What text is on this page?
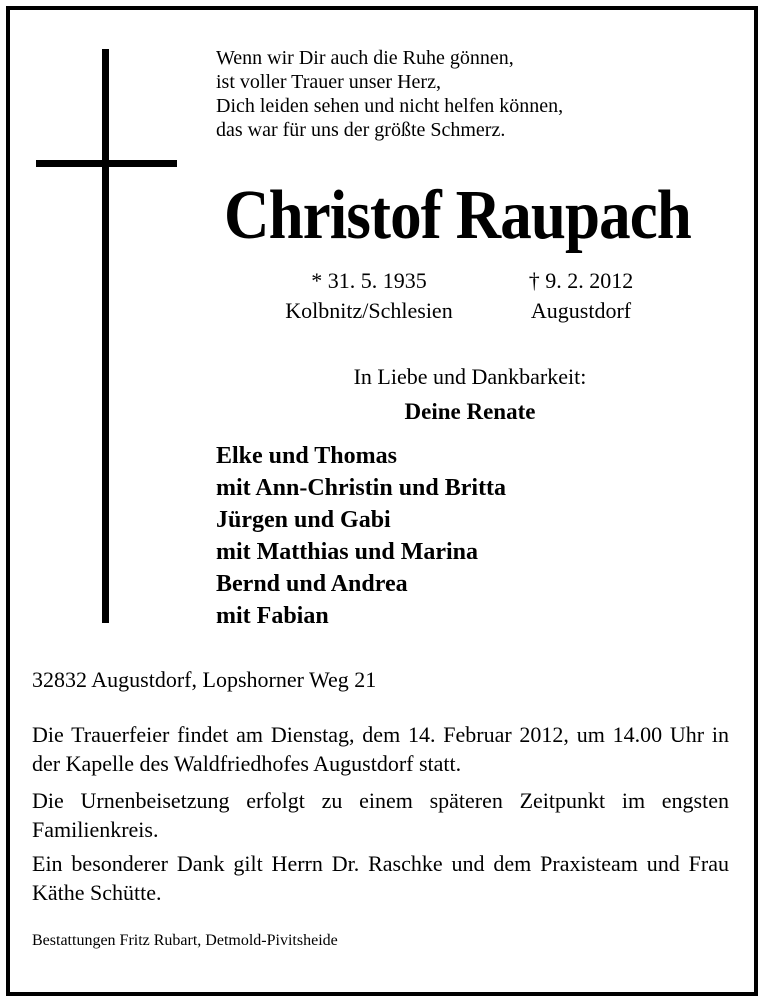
Wenn wir Dir auch die Ruhe gönnen,
ist voller Trauer unser Herz,
Dich leiden sehen und nicht helfen können,
das war für uns der größte Schmerz.
Christof Raupach
* 31. 5. 1935
Kolbnitz/Schlesien
† 9. 2. 2012
Augustdorf
In Liebe und Dankbarkeit:
Deine Renate
Elke und Thomas
mit Ann-Christin und Britta
Jürgen und Gabi
mit Matthias und Marina
Bernd und Andrea
mit Fabian
32832 Augustdorf, Lopshorner Weg 21
Die Trauerfeier findet am Dienstag, dem 14. Februar 2012, um 14.00 Uhr in der Kapelle des Waldfriedhofes Augustdorf statt.
Die Urnenbeisetzung erfolgt zu einem späteren Zeitpunkt im engsten Familienkreis.
Ein besonderer Dank gilt Herrn Dr. Raschke und dem Praxisteam und Frau Käthe Schütte.
Bestattungen Fritz Rubart, Detmold-Pivitsheide
